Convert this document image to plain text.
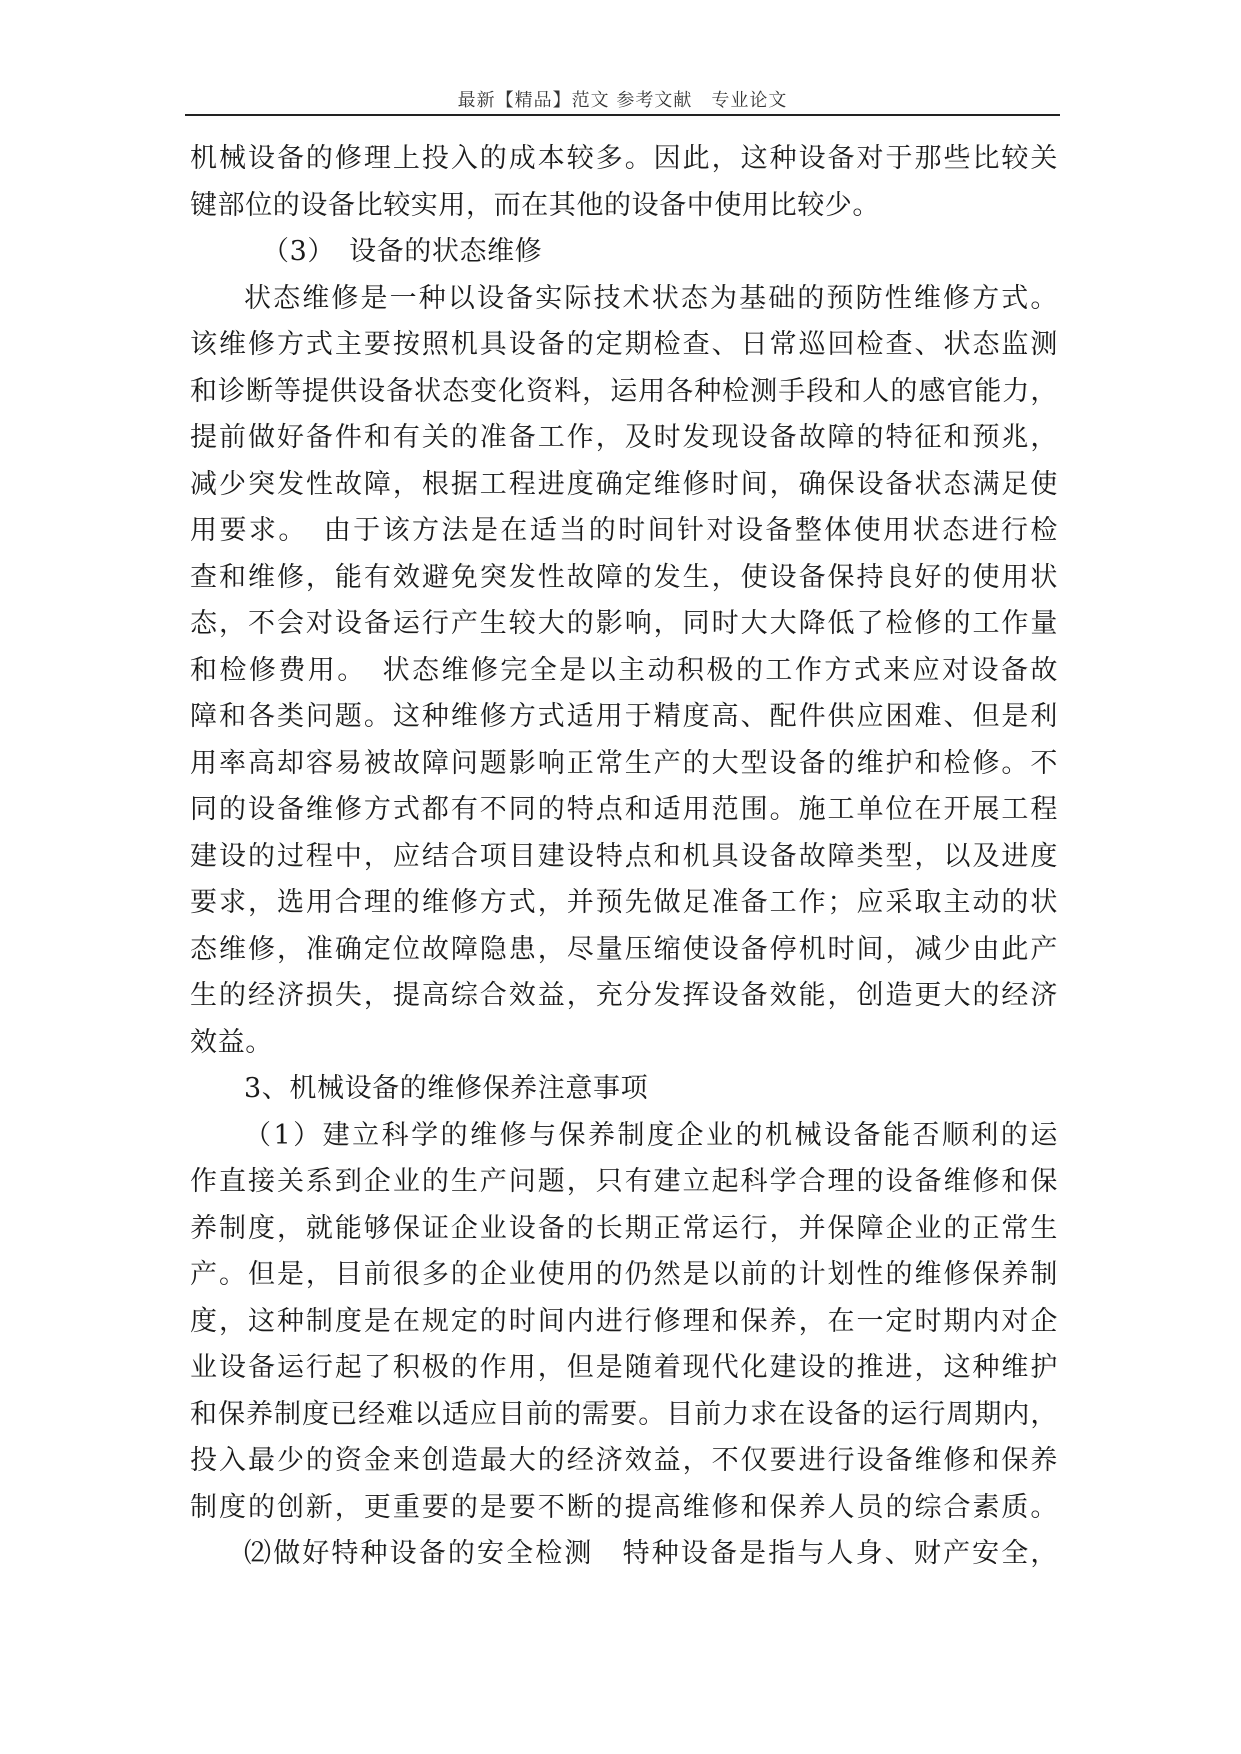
最新【精品】范文 参考文献　专业论文
机械设备的修理上投入的成本较多。因此，这种设备对于那些比较关
键部位的设备比较实用，而在其他的设备中使用比较少。
（3）　设备的状态维修
状态维修是一种以设备实际技术状态为基础的预防性维修方式。
该维修方式主要按照机具设备的定期检查、日常巡回检查、状态监测
和诊断等提供设备状态变化资料，运用各种检测手段和人的感官能力，
提前做好备件和有关的准备工作，及时发现设备故障的特征和预兆，
减少突发性故障，根据工程进度确定维修时间，确保设备状态满足使
用要求。　由于该方法是在适当的时间针对设备整体使用状态进行检
查和维修，能有效避免突发性故障的发生，使设备保持良好的使用状
态，不会对设备运行产生较大的影响，同时大大降低了检修的工作量
和检修费用。　状态维修完全是以主动积极的工作方式来应对设备故
障和各类问题。这种维修方式适用于精度高、配件供应困难、但是利
用率高却容易被故障问题影响正常生产的大型设备的维护和检修。不
同的设备维修方式都有不同的特点和适用范围。施工单位在开展工程
建设的过程中，应结合项目建设特点和机具设备故障类型，以及进度
要求，选用合理的维修方式，并预先做足准备工作；应采取主动的状
态维修，准确定位故障隐患，尽量压缩使设备停机时间，减少由此产
生的经济损失，提高综合效益，充分发挥设备效能，创造更大的经济
效益。
3、机械设备的维修保养注意事项
（1）建立科学的维修与保养制度企业的机械设备能否顺利的运
作直接关系到企业的生产问题，只有建立起科学合理的设备维修和保
养制度，就能够保证企业设备的长期正常运行，并保障企业的正常生
产。但是，目前很多的企业使用的仍然是以前的计划性的维修保养制
度，这种制度是在规定的时间内进行修理和保养，在一定时期内对企
业设备运行起了积极的作用，但是随着现代化建设的推进，这种维护
和保养制度已经难以适应目前的需要。目前力求在设备的运行周期内，
投入最少的资金来创造最大的经济效益，不仅要进行设备维修和保养
制度的创新，更重要的是要不断的提高维修和保养人员的综合素质。
⑵做好特种设备的安全检测　特种设备是指与人身、财产安全，
